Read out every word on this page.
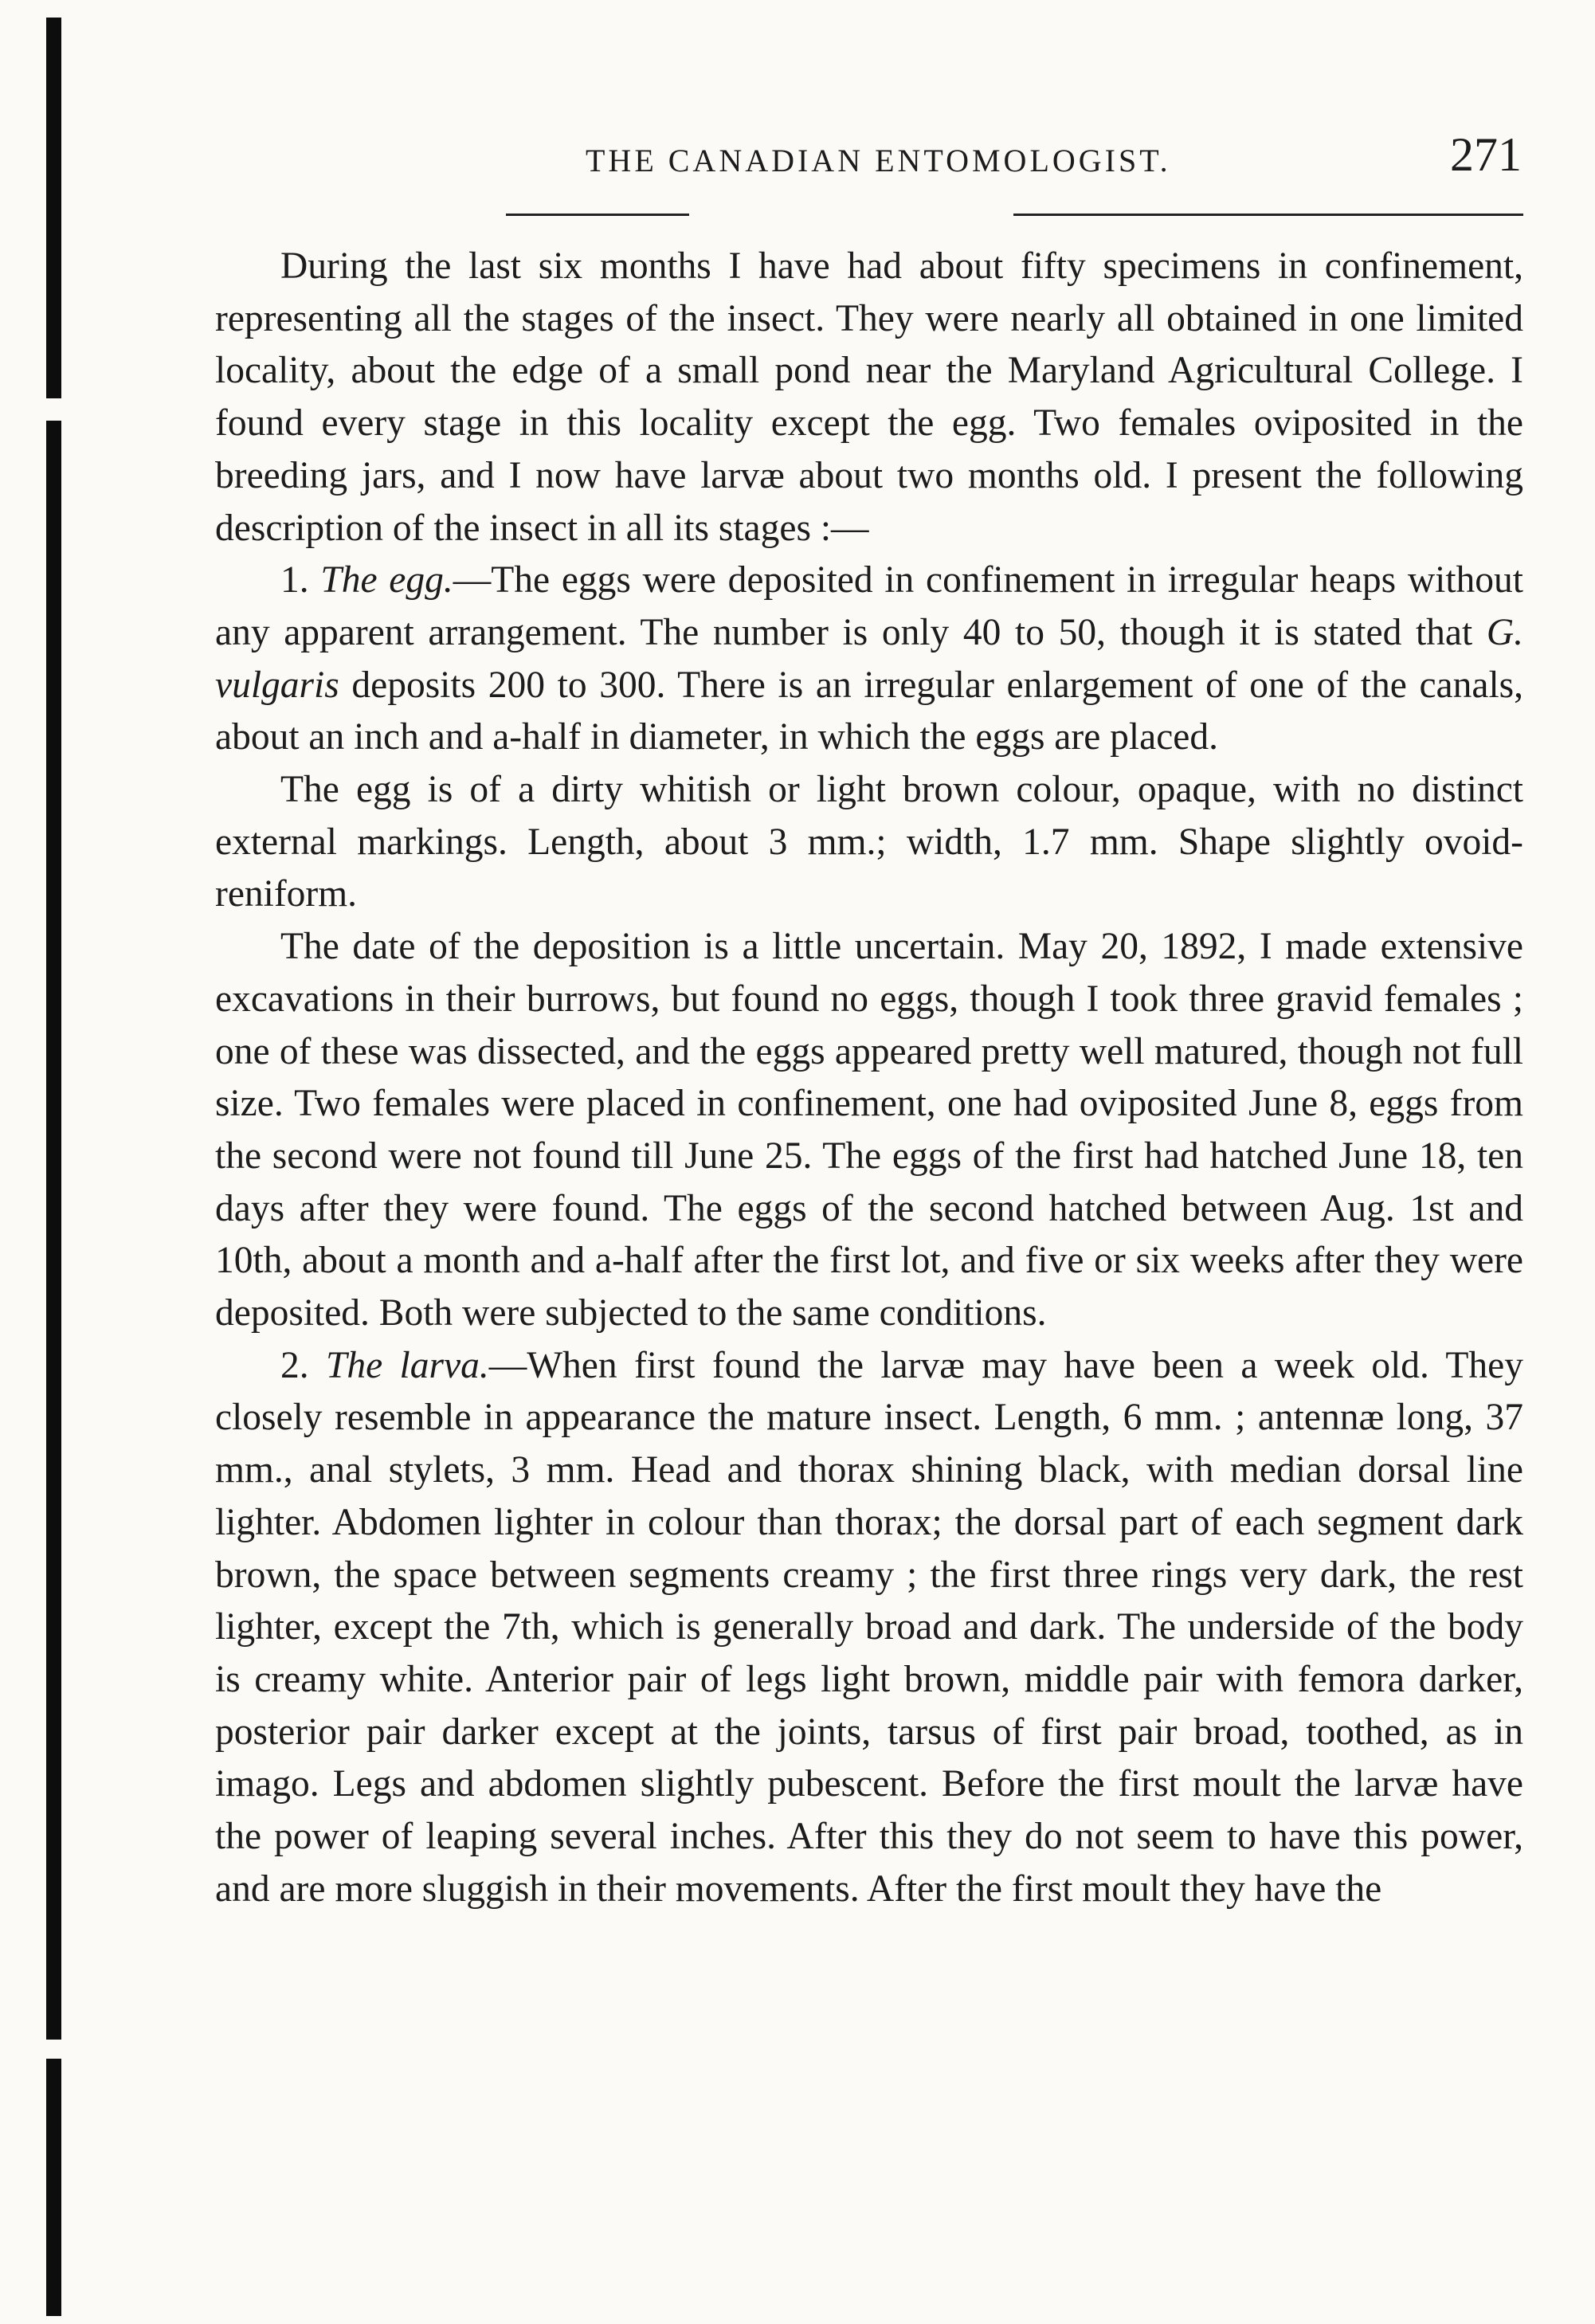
THE CANADIAN ENTOMOLOGIST.	271

During the last six months I have had about fifty specimens in confinement, representing all the stages of the insect. They were nearly all obtained in one limited locality, about the edge of a small pond near the Maryland Agricultural College. I found every stage in this locality except the egg. Two females oviposited in the breeding jars, and I now have larvæ about two months old. I present the following description of the insect in all its stages :—

1. The egg.—The eggs were deposited in confinement in irregular heaps without any apparent arrangement. The number is only 40 to 50, though it is stated that G. vulgaris deposits 200 to 300. There is an irregular enlargement of one of the canals, about an inch and a-half in diameter, in which the eggs are placed.

The egg is of a dirty whitish or light brown colour, opaque, with no distinct external markings. Length, about 3 mm.; width, 1.7 mm. Shape slightly ovoid-reniform.

The date of the deposition is a little uncertain. May 20, 1892, I made extensive excavations in their burrows, but found no eggs, though I took three gravid females ; one of these was dissected, and the eggs appeared pretty well matured, though not full size. Two females were placed in confinement, one had oviposited June 8, eggs from the second were not found till June 25. The eggs of the first had hatched June 18, ten days after they were found. The eggs of the second hatched between Aug. 1st and 10th, about a month and a-half after the first lot, and five or six weeks after they were deposited. Both were subjected to the same conditions.

2. The larva.—When first found the larvæ may have been a week old. They closely resemble in appearance the mature insect. Length, 6 mm. ; antennæ long, 37 mm., anal stylets, 3 mm. Head and thorax shining black, with median dorsal line lighter. Abdomen lighter in colour than thorax; the dorsal part of each segment dark brown, the space between segments creamy ; the first three rings very dark, the rest lighter, except the 7th, which is generally broad and dark. The underside of the body is creamy white. Anterior pair of legs light brown, middle pair with femora darker, posterior pair darker except at the joints, tarsus of first pair broad, toothed, as in imago. Legs and abdomen slightly pubescent. Before the first moult the larvæ have the power of leaping several inches. After this they do not seem to have this power, and are more sluggish in their movements. After the first moult they have the
